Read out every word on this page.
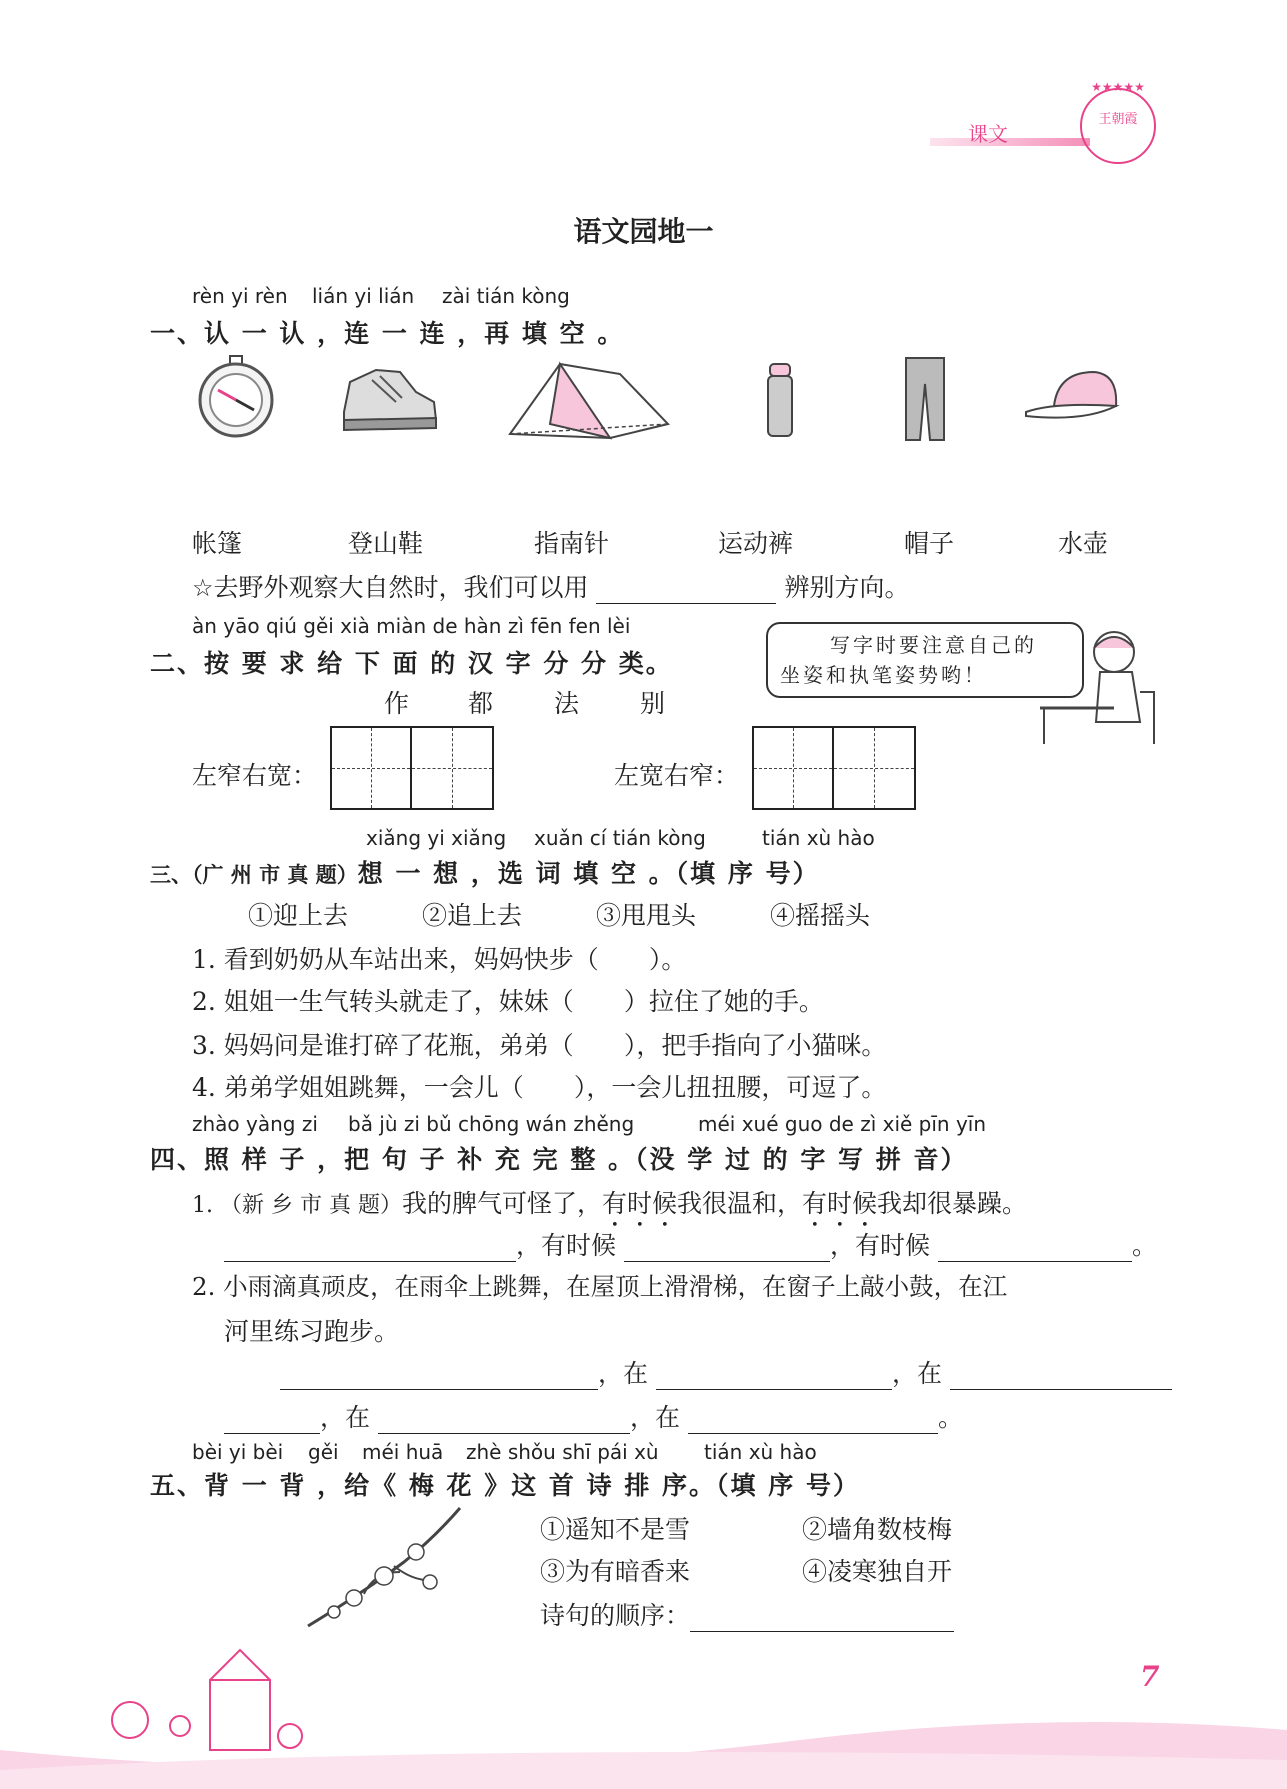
课文
★★★★★
王朝霞
语文园地一
rèn yi rèn lián yi lián zài tián kòng
一、认 一 认 ，连 一 连 ，再 填 空 。
帐篷	登山鞋	指南针	运动裤	帽子	水壶
☆去野外观察大自然时，我们可以用	辨别方向。
àn yāo qiú gěi xià miàn de hàn zì fēn fen lèi
二、按 要 求 给 下 面 的 汉 字 分 分 类。
作 都 法 别
左窄右宽：	左宽右窄：
写字时要注意自己的
坐姿和执笔姿势哟！
xiǎng yi xiǎng xuǎn cí tián kòng	tián xù hào
三、（广 州 市 真 题）想 一 想 ，选 词 填 空 。（填 序 号）
①迎上去	②追上去	③甩甩头	④摇摇头
1. 看到奶奶从车站出来，妈妈快步（ ）。
2. 姐姐一生气转头就走了，妹妹（ ）拉住了她的手。
3. 妈妈问是谁打碎了花瓶，弟弟（ ），把手指向了小猫咪。
4. 弟弟学姐姐跳舞，一会儿（ ），一会儿扭扭腰，可逗了。
zhào yàng zi bǎ jù zi bǔ chōng wán zhěng	méi xué guo de zì xiě pīn yīn
四、照 样 子 ，把 句 子 补 充 完 整 。（没 学 过 的 字 写 拼 音）
1. （新 乡 市 真 题）我的脾气可怪了，有时候我很温和，有时候我却很暴躁。
，有时候	，有时候	。
2. 小雨滴真顽皮，在雨伞上跳舞，在屋顶上滑滑梯，在窗子上敲小鼓，在江
河里练习跑步。
，在	，在
，在	，在	。
bèi yi bèi gěi méi huā zhè shǒu shī pái xù tián xù hào
五、背 一 背 ，给《 梅 花 》这 首 诗 排 序。（填 序 号）
①遥知不是雪	②墙角数枝梅
③为有暗香来	④凌寒独自开
诗句的顺序：
7
